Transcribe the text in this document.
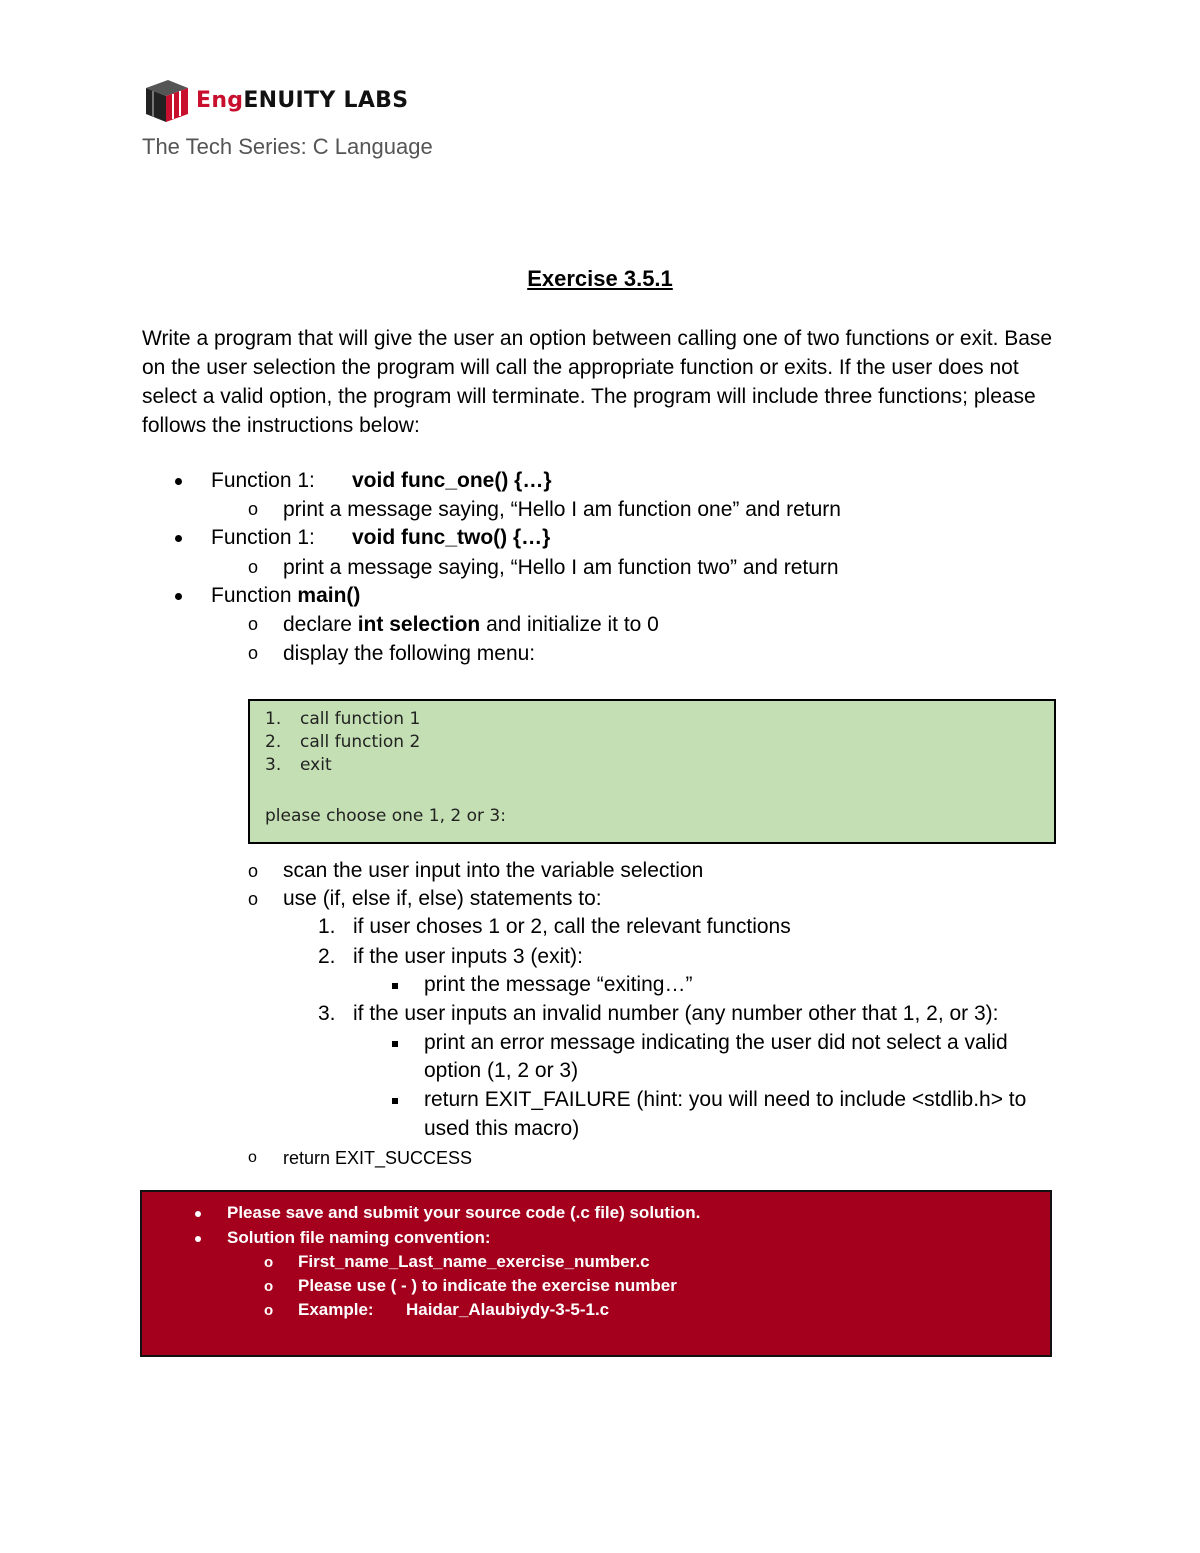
EngENUITY LABS
The Tech Series: C Language
Exercise 3.5.1
Write a program that will give the user an option between calling one of two functions or exit. Base on the user selection the program will call the appropriate function or exits. If the user does not select a valid option, the program will terminate. The program will include three functions; please follows the instructions below:
Function 1: void func_one() {…}
o print a message saying, “Hello I am function one” and return
Function 1: void func_two() {…}
o print a message saying, “Hello I am function two” and return
Function main()
o declare int selection and initialize it to 0
o display the following menu:
1. call function 1
2. call function 2
3. exit
please choose one 1, 2 or 3:
o scan the user input into the variable selection
o use (if, else if, else) statements to:
1. if user choses 1 or 2, call the relevant functions
2. if the user inputs 3 (exit):
print the message “exiting…”
3. if the user inputs an invalid number (any number other that 1, 2, or 3):
print an error message indicating the user did not select a valid
option (1, 2 or 3)
return EXIT_FAILURE (hint: you will need to include <stdlib.h> to
used this macro)
o return EXIT_SUCCESS
Please save and submit your source code (.c file) solution.
Solution file naming convention:
o First_name_Last_name_exercise_number.c
o Please use ( - ) to indicate the exercise number
o Example: Haidar_Alaubiydy-3-5-1.c
